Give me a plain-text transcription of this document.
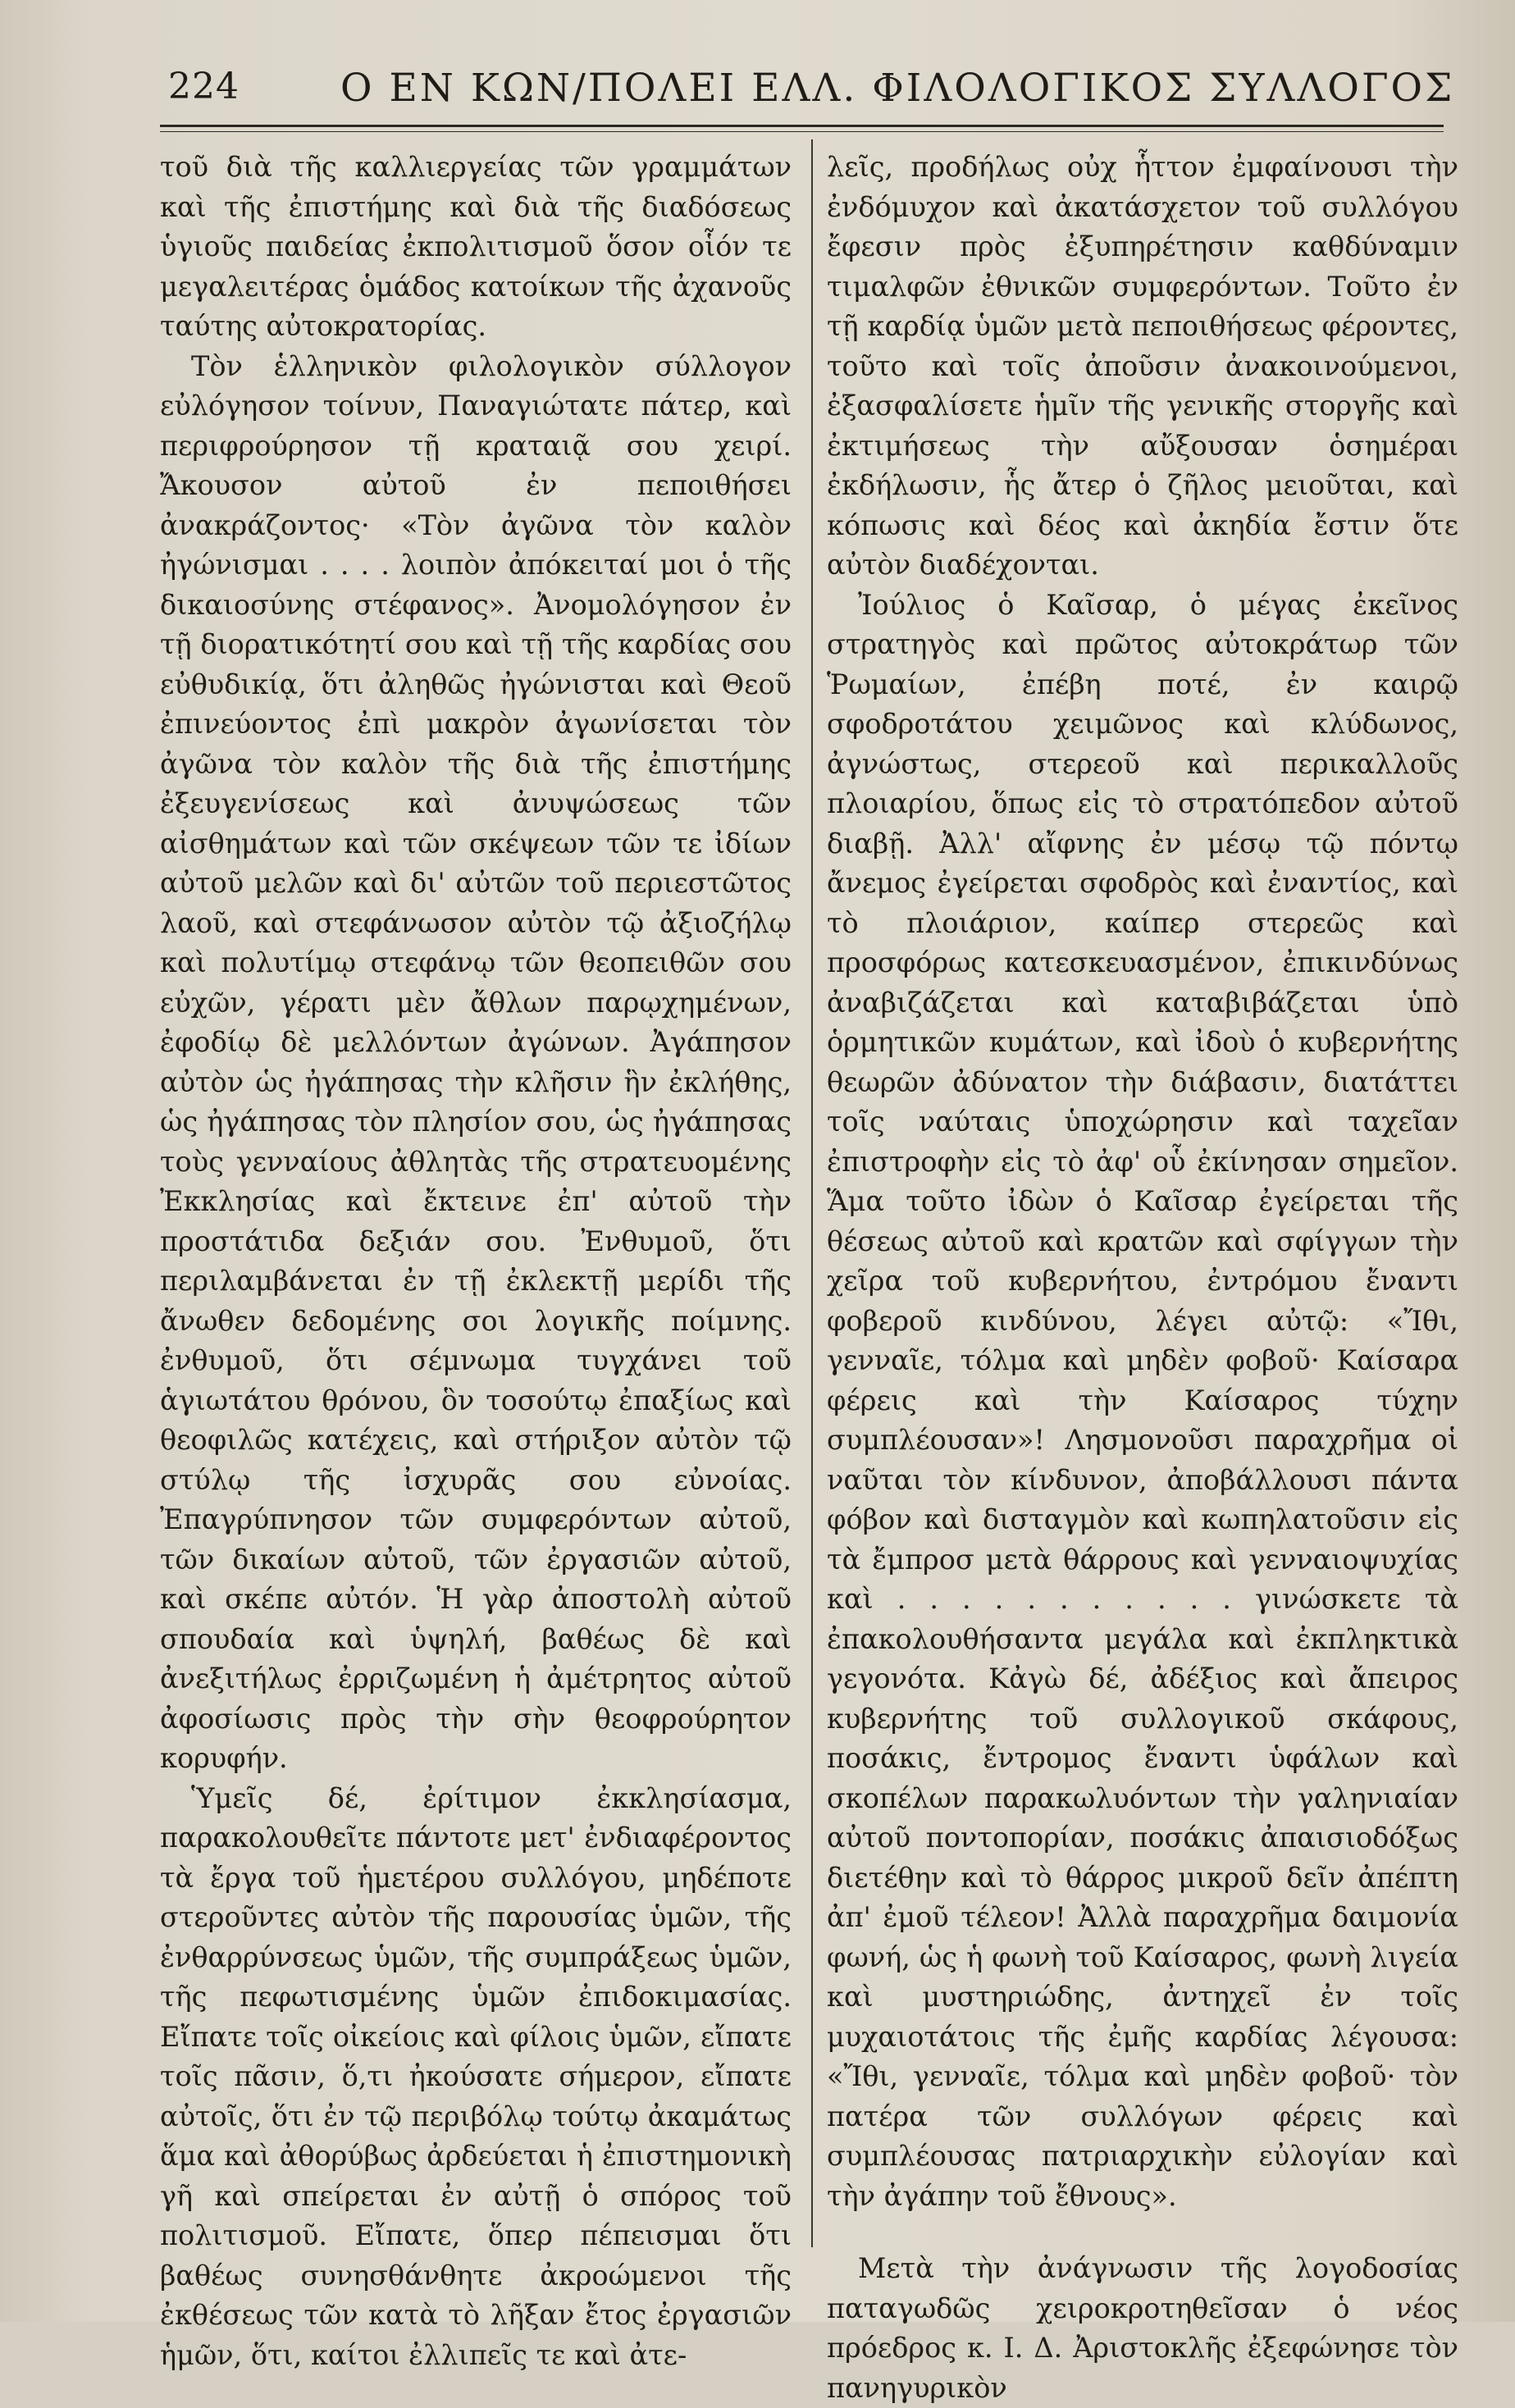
224	Ο ΕΝ ΚΩΝ/ΠΟΛΕΙ ΕΛΛ. ΦΙΛΟΛΟΓΙΚΟΣ ΣΥΛΛΟΓΟΣ

τοῦ διὰ τῆς καλλιεργείας τῶν γραμμάτων καὶ τῆς ἐπιστήμης καὶ διὰ τῆς διαδόσεως ὑγιοῦς παιδείας ἐκπολιτισμοῦ ὅσον οἷόν τε μεγαλειτέρας ὁμάδος κατοίκων τῆς ἀχανοῦς ταύτης αὐτοκρατορίας.

Τὸν ἑλληνικὸν φιλολογικὸν σύλλογον εὐλόγησον τοίνυν, Παναγιώτατε πάτερ, καὶ περιφρούρησον τῇ κραταιᾷ σου χειρί. Ἄκουσον αὐτοῦ ἐν πεποιθήσει ἀνακράζοντος· «Τὸν ἀγῶνα τὸν καλὸν ἠγώνισμαι . . . . λοιπὸν ἀπόκειταί μοι ὁ τῆς δικαιοσύνης στέφανος». Ἀνομολόγησον ἐν τῇ διορατικότητί σου καὶ τῇ τῆς καρδίας σου εὐθυδικίᾳ, ὅτι ἀληθῶς ἠγώνισται καὶ Θεοῦ ἐπινεύοντος ἐπὶ μακρὸν ἀγωνίσεται τὸν ἀγῶνα τὸν καλὸν τῆς διὰ τῆς ἐπιστήμης ἐξευγενίσεως καὶ ἀνυψώσεως τῶν αἰσθημάτων καὶ τῶν σκέψεων τῶν τε ἰδίων αὐτοῦ μελῶν καὶ δι' αὐτῶν τοῦ περιεστῶτος λαοῦ, καὶ στεφάνωσον αὐτὸν τῷ ἀξιοζήλῳ καὶ πολυτίμῳ στεφάνῳ τῶν θεοπειθῶν σου εὐχῶν, γέρατι μὲν ἄθλων παρῳχημένων, ἐφοδίῳ δὲ μελλόντων ἀγώνων. Ἀγάπησον αὐτὸν ὡς ἠγάπησας τὴν κλῆσιν ἣν ἐκλήθης, ὡς ἠγάπησας τὸν πλησίον σου, ὡς ἠγάπησας τοὺς γενναίους ἀθλητὰς τῆς στρατευομένης Ἐκκλησίας καὶ ἔκτεινε ἐπ' αὐτοῦ τὴν προστάτιδα δεξιάν σου. Ἐνθυμοῦ, ὅτι περιλαμβάνεται ἐν τῇ ἐκλεκτῇ μερίδι τῆς ἄνωθεν δεδομένης σοι λογικῆς ποίμνης. ἐνθυμοῦ, ὅτι σέμνωμα τυγχάνει τοῦ ἁγιωτάτου θρόνου, ὃν τοσούτῳ ἐπαξίως καὶ θεοφιλῶς κατέχεις, καὶ στήριξον αὐτὸν τῷ στύλῳ τῆς ἰσχυρᾶς σου εὐνοίας. Ἐπαγρύπνησον τῶν συμφερόντων αὐτοῦ, τῶν δικαίων αὐτοῦ, τῶν ἐργασιῶν αὐτοῦ, καὶ σκέπε αὐτόν. Ἡ γὰρ ἀποστολὴ αὐτοῦ σπουδαία καὶ ὑψηλή, βαθέως δὲ καὶ ἀνεξιτήλως ἐρριζωμένη ἡ ἀμέτρητος αὐτοῦ ἀφοσίωσις πρὸς τὴν σὴν θεοφρούρητον κορυφήν.

Ὑμεῖς δέ, ἐρίτιμον ἐκκλησίασμα, παρακολουθεῖτε πάντοτε μετ' ἐνδιαφέροντος τὰ ἔργα τοῦ ἡμετέρου συλλόγου, μηδέποτε στεροῦντες αὐτὸν τῆς παρουσίας ὑμῶν, τῆς ἐνθαρρύνσεως ὑμῶν, τῆς συμπράξεως ὑμῶν, τῆς πεφωτισμένης ὑμῶν ἐπιδοκιμασίας. Εἴπατε τοῖς οἰκείοις καὶ φίλοις ὑμῶν, εἴπατε τοῖς πᾶσιν, ὅ,τι ἠκούσατε σήμερον, εἴπατε αὐτοῖς, ὅτι ἐν τῷ περιβόλῳ τούτῳ ἀκαμάτως ἅμα καὶ ἀθορύβως ἀρδεύεται ἡ ἐπιστημονικὴ γῆ καὶ σπείρεται ἐν αὐτῇ ὁ σπόρος τοῦ πολιτισμοῦ. Εἴπατε, ὅπερ πέπεισμαι ὅτι βαθέως συνησθάνθητε ἀκροώμενοι τῆς ἐκθέσεως τῶν κατὰ τὸ λῆξαν ἔτος ἐργασιῶν ἡμῶν, ὅτι, καίτοι ἐλλιπεῖς τε καὶ ἀτε-

λεῖς, προδήλως οὐχ ἧττον ἐμφαίνουσι τὴν ἐνδόμυχον καὶ ἀκατάσχετον τοῦ συλλόγου ἔφεσιν πρὸς ἐξυπηρέτησιν καθδύναμιν τιμαλφῶν ἐθνικῶν συμφερόντων. Τοῦτο ἐν τῇ καρδίᾳ ὑμῶν μετὰ πεποιθήσεως φέροντες, τοῦτο καὶ τοῖς ἀποῦσιν ἀνακοινούμενοι, ἐξασφαλίσετε ἡμῖν τῆς γενικῆς στοργῆς καὶ ἐκτιμήσεως τὴν αὔξουσαν ὁσημέραι ἐκδήλωσιν, ἧς ἄτερ ὁ ζῆλος μειοῦται, καὶ κόπωσις καὶ δέος καὶ ἀκηδία ἔστιν ὅτε αὐτὸν διαδέχονται.

Ἰούλιος ὁ Καῖσαρ, ὁ μέγας ἐκεῖνος στρατηγὸς καὶ πρῶτος αὐτοκράτωρ τῶν Ῥωμαίων, ἐπέβη ποτέ, ἐν καιρῷ σφοδροτάτου χειμῶνος καὶ κλύδωνος, ἀγνώστως, στερεοῦ καὶ περικαλλοῦς πλοιαρίου, ὅπως εἰς τὸ στρατόπεδον αὐτοῦ διαβῇ. Ἀλλ' αἴφνης ἐν μέσῳ τῷ πόντῳ ἄνεμος ἐγείρεται σφοδρὸς καὶ ἐναντίος, καὶ τὸ πλοιάριον, καίπερ στερεῶς καὶ προσφόρως κατεσκευασμένον, ἐπικινδύνως ἀναβιζάζεται καὶ καταβιβάζεται ὑπὸ ὁρμητικῶν κυμάτων, καὶ ἰδοὺ ὁ κυβερνήτης θεωρῶν ἀδύνατον τὴν διάβασιν, διατάττει τοῖς ναύταις ὑποχώρησιν καὶ ταχεῖαν ἐπιστροφὴν εἰς τὸ ἀφ' οὗ ἐκίνησαν σημεῖον. Ἅμα τοῦτο ἰδὼν ὁ Καῖσαρ ἐγείρεται τῆς θέσεως αὐτοῦ καὶ κρατῶν καὶ σφίγγων τὴν χεῖρα τοῦ κυβερνήτου, ἐντρόμου ἔναντι φοβεροῦ κινδύνου, λέγει αὐτῷ: «Ἴθι, γενναῖε, τόλμα καὶ μηδὲν φοβοῦ· Καίσαρα φέρεις καὶ τὴν Καίσαρος τύχην συμπλέουσαν»! Λησμονοῦσι παραχρῆμα οἱ ναῦται τὸν κίνδυνον, ἀποβάλλουσι πάντα φόβον καὶ δισταγμὸν καὶ κωπηλατοῦσιν εἰς τὰ ἔμπροσ μετὰ θάρρους καὶ γενναιοψυχίας καὶ . . . . . . . . . . . γινώσκετε τὰ ἐπακολουθήσαντα μεγάλα καὶ ἐκπληκτικὰ γεγονότα. Κἀγὼ δέ, ἀδέξιος καὶ ἄπειρος κυβερνήτης τοῦ συλλογικοῦ σκάφους, ποσάκις, ἔντρομος ἔναντι ὑφάλων καὶ σκοπέλων παρακωλυόντων τὴν γαληνιαίαν αὐτοῦ ποντοπορίαν, ποσάκις ἀπαισιοδόξως διετέθην καὶ τὸ θάρρος μικροῦ δεῖν ἀπέπτη ἀπ' ἐμοῦ τέλεον! Ἀλλὰ παραχρῆμα δαιμονία φωνή, ὡς ἡ φωνὴ τοῦ Καίσαρος, φωνὴ λιγεία καὶ μυστηριώδης, ἀντηχεῖ ἐν τοῖς μυχαιοτάτοις τῆς ἐμῆς καρδίας λέγουσα: «Ἴθι, γενναῖε, τόλμα καὶ μηδὲν φοβοῦ· τὸν πατέρα τῶν συλλόγων φέρεις καὶ συμπλέουσας πατριαρχικὴν εὐλογίαν καὶ τὴν ἀγάπην τοῦ ἔθνους».

Μετὰ τὴν ἀνάγνωσιν τῆς λογοδοσίας παταγωδῶς χειροκροτηθεῖσαν ὁ νέος πρόεδρος κ. Ι. Δ. Ἀριστοκλῆς ἐξεφώνησε τὸν πανηγυρικὸν
